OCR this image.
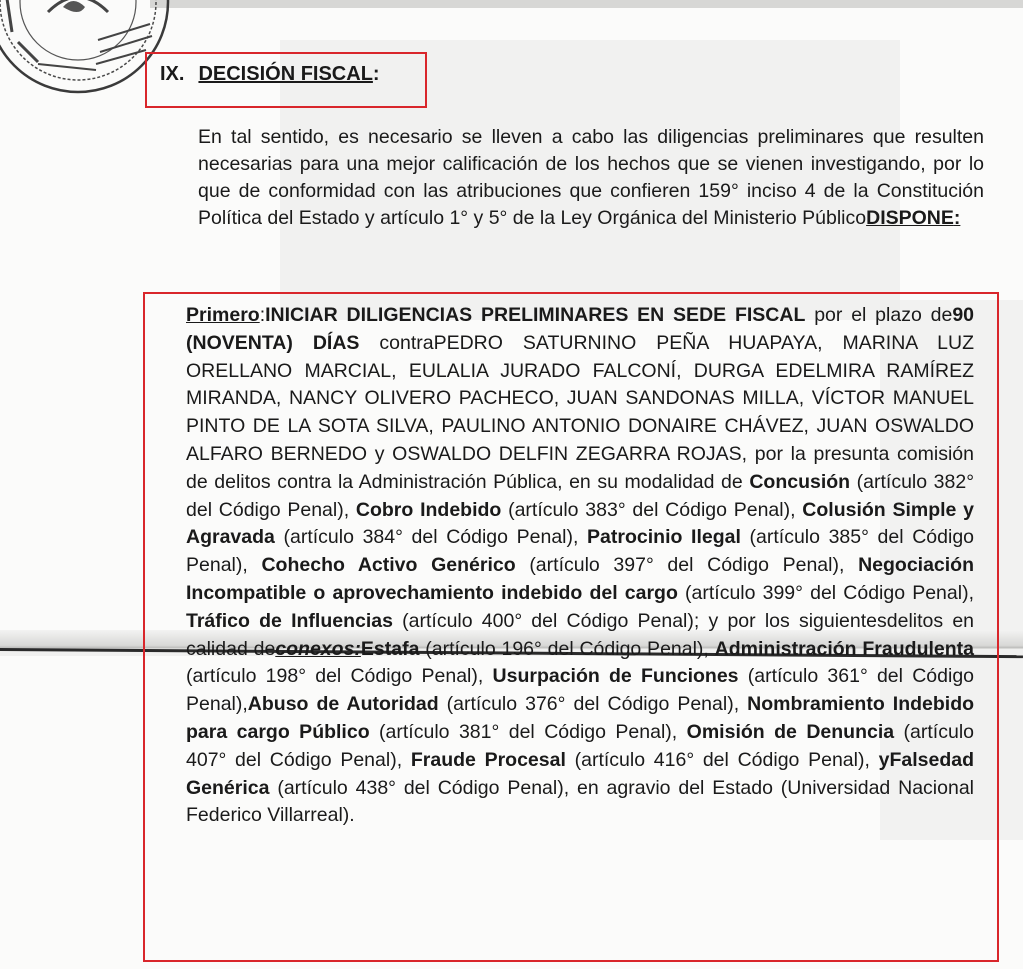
IX. DECISIÓN FISCAL:
En tal sentido, es necesario se lleven a cabo las diligencias preliminares que resulten necesarias para una mejor calificación de los hechos que se vienen investigando, por lo que de conformidad con las atribuciones que confieren 159° inciso 4 de la Constitución Política del Estado y artículo 1° y 5° de la Ley Orgánica del Ministerio PúblicoDISPONE:
Primero:INICIAR DILIGENCIAS PRELIMINARES EN SEDE FISCAL por el plazo de90 (NOVENTA) DÍAS contraPEDRO SATURNINO PEÑA HUAPAYA, MARINA LUZ ORELLANO MARCIAL, EULALIA JURADO FALCONÍ, DURGA EDELMIRA RAMÍREZ MIRANDA, NANCY OLIVERO PACHECO, JUAN SANDONAS MILLA, VÍCTOR MANUEL PINTO DE LA SOTA SILVA, PAULINO ANTONIO DONAIRE CHÁVEZ, JUAN OSWALDO ALFARO BERNEDO y OSWALDO DELFIN ZEGARRA ROJAS, por la presunta comisión de delitos contra la Administración Pública, en su modalidad de Concusión (artículo 382° del Código Penal), Cobro Indebido (artículo 383° del Código Penal), Colusión Simple y Agravada (artículo 384° del Código Penal), Patrocinio Ilegal (artículo 385° del Código Penal), Cohecho Activo Genérico (artículo 397° del Código Penal), Negociación Incompatible o aprovechamiento indebido del cargo (artículo 399° del Código Penal), Tráfico de Influencias (artículo 400° del Código Penal); y por los siguientesdelitos en calidad deconexos:Estafa (artículo 196° del Código Penal), Administración Fraudulenta (artículo 198° del Código Penal), Usurpación de Funciones (artículo 361° del Código Penal),Abuso de Autoridad (artículo 376° del Código Penal), Nombramiento Indebido para cargo Público (artículo 381° del Código Penal), Omisión de Denuncia (artículo 407° del Código Penal), Fraude Procesal (artículo 416° del Código Penal), yFalsedad Genérica (artículo 438° del Código Penal), en agravio del Estado (Universidad Nacional Federico Villarreal).
